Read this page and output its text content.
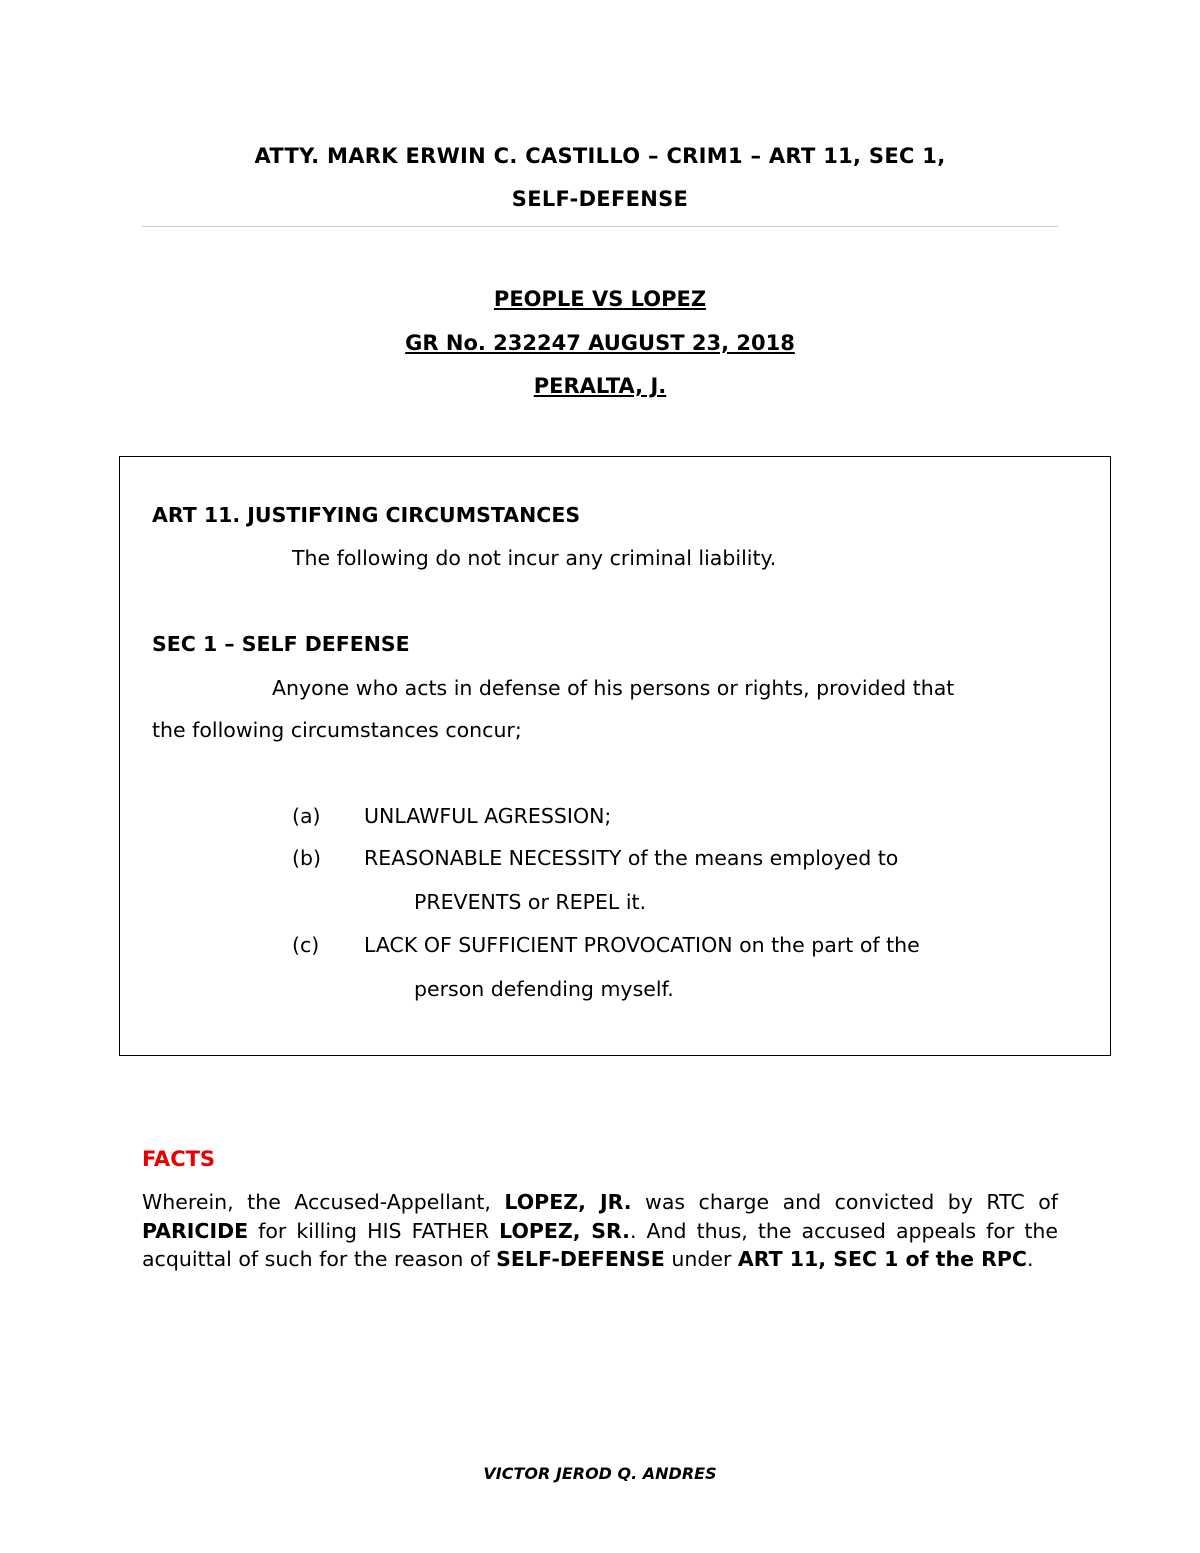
ATTY. MARK ERWIN C. CASTILLO – CRIM1 – ART 11, SEC 1,
SELF-DEFENSE
PEOPLE VS LOPEZ
GR No. 232247 AUGUST 23, 2018
PERALTA, J.
ART 11. JUSTIFYING CIRCUMSTANCES
The following do not incur any criminal liability.
SEC 1 – SELF DEFENSE
Anyone who acts in defense of his persons or rights, provided that
the following circumstances concur;
(a) UNLAWFUL AGRESSION;
(b) REASONABLE NECESSITY of the means employed to
PREVENTS or REPEL it.
(c) LACK OF SUFFICIENT PROVOCATION on the part of the
person defending myself.
FACTS
Wherein, the Accused-Appellant, LOPEZ, JR. was charge and convicted by RTC of PARICIDE for killing HIS FATHER LOPEZ, SR.. And thus, the accused appeals for the acquittal of such for the reason of SELF-DEFENSE under ART 11, SEC 1 of the RPC.
VICTOR JEROD Q. ANDRES
